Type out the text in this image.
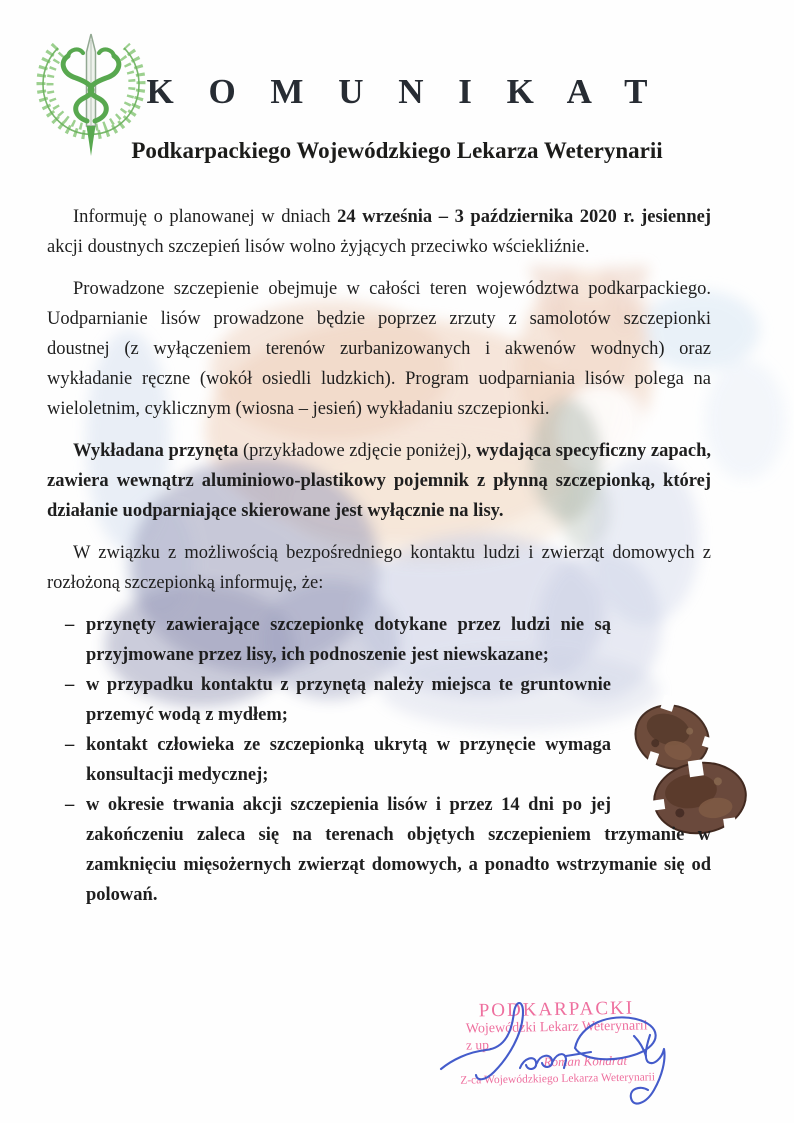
K O M U N I K A T
Podkarpackiego Wojewódzkiego Lekarza Weterynarii
Informuję o planowanej w dniach 24 września – 3 października 2020 r. jesiennej akcji doustnych szczepień lisów wolno żyjących przeciwko wściekliźnie.
Prowadzone szczepienie obejmuje w całości teren województwa podkarpackiego. Uodparnianie lisów prowadzone będzie poprzez zrzuty z samolotów szczepionki doustnej (z wyłączeniem terenów zurbanizowanych i akwenów wodnych) oraz wykładanie ręczne (wokół osiedli ludzkich). Program uodparniania lisów polega na wieloletnim, cyklicznym (wiosna – jesień) wykładaniu szczepionki.
Wykładana przynęta (przykładowe zdjęcie poniżej), wydająca specyficzny zapach, zawiera wewnątrz aluminiowo-plastikowy pojemnik z płynną szczepionką, której działanie uodparniające skierowane jest wyłącznie na lisy.
W związku z możliwością bezpośredniego kontaktu ludzi i zwierząt domowych z rozłożoną szczepionką informuję, że:
– przynęty zawierające szczepionkę dotykane przez ludzi nie są przyjmowane przez lisy, ich podnoszenie jest niewskazane;
– w przypadku kontaktu z przynętą należy miejsca te gruntownie przemyć wodą z mydłem;
– kontakt człowieka ze szczepionką ukrytą w przynęcie wymaga konsultacji medycznej;
– w okresie trwania akcji szczepienia lisów i przez 14 dni po jej zakończeniu zaleca się na terenach objętych szczepieniem trzymanie w zamknięciu mięsożernych zwierząt domowych, a ponadto wstrzymanie się od polowań.
PODKARPACKI
Wojewódzki Lekarz Weterynarii
z up.
Roman Kondrat
Z-ca Wojewódzkiego Lekarza Weterynarii
